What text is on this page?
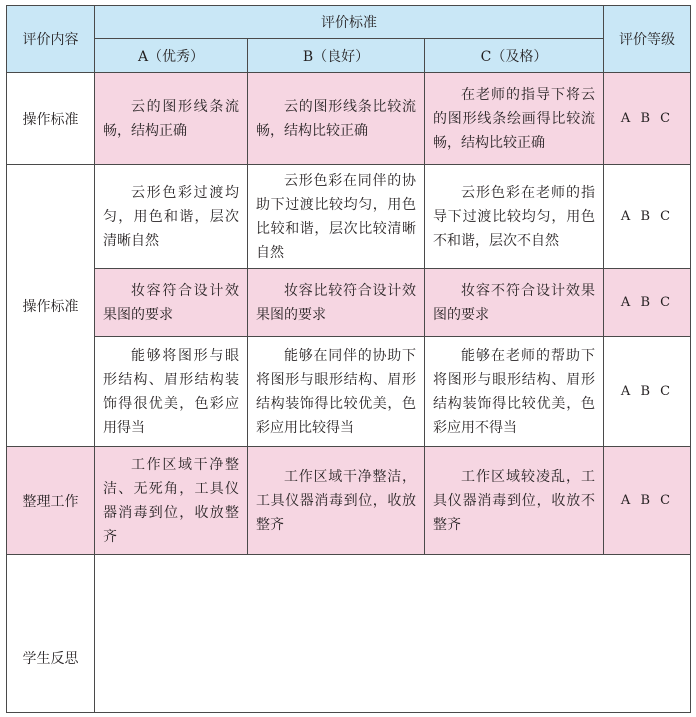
评价内容	评价标准			评价等级
	A（优秀）	B（良好）	C（及格）	
操作标准	云的图形线条流畅，结构正确	云的图形线条比较流畅，结构比较正确	在老师的指导下将云的图形线条绘画得比较流畅，结构比较正确	A B C
操作标准	云形色彩过渡均匀，用色和谐，层次清晰自然	云形色彩在同伴的协助下过渡比较均匀，用色比较和谐，层次比较清晰自然	云形色彩在老师的指导下过渡比较均匀，用色不和谐，层次不自然	A B C
	妆容符合设计效果图的要求	妆容比较符合设计效果图的要求	妆容不符合设计效果图的要求	A B C
	能够将图形与眼形结构、眉形结构装饰得很优美，色彩应用得当	能够在同伴的协助下将图形与眼形结构、眉形结构装饰得比较优美，色彩应用比较得当	能够在老师的帮助下将图形与眼形结构、眉形结构装饰得比较优美，色彩应用不得当	A B C
整理工作	工作区域干净整洁、无死角，工具仪器消毒到位，收放整齐	工作区域干净整洁，工具仪器消毒到位，收放整齐	工作区域较凌乱，工具仪器消毒到位，收放不整齐	A B C
学生反思				
